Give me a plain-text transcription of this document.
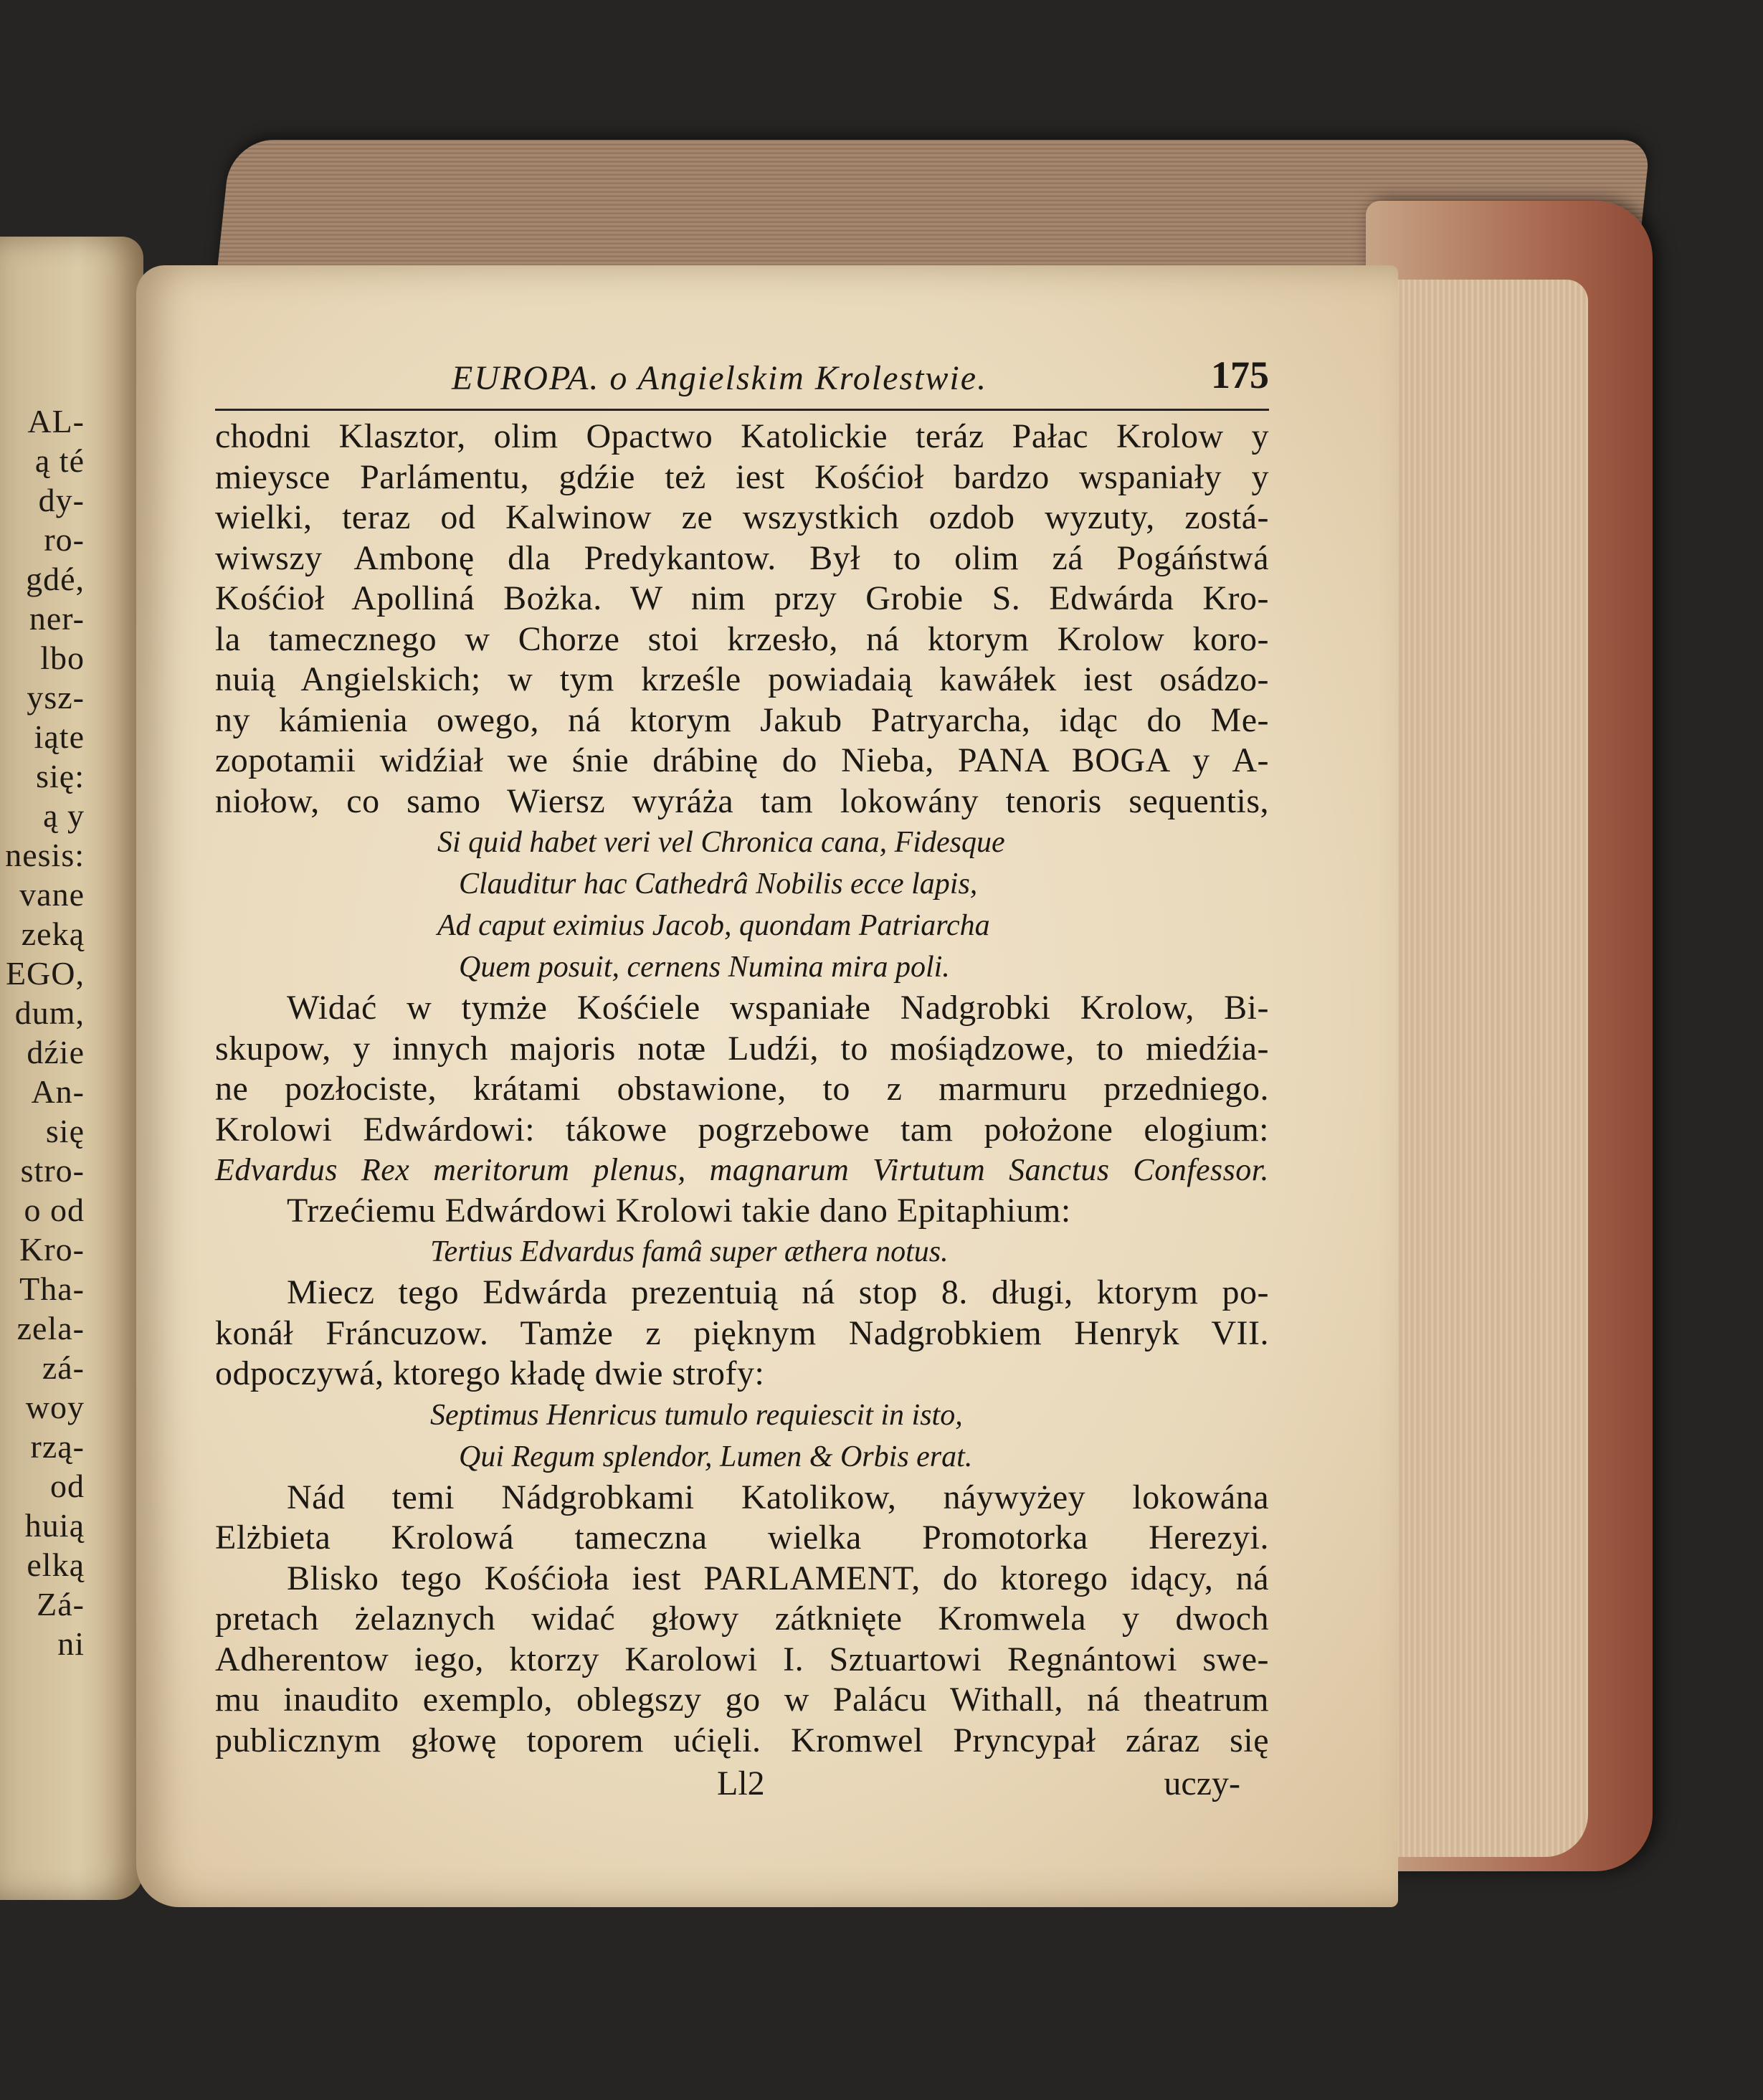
AL-
ą té
dy-
ro-
gdé,
ner-
lbo
ysz-
iąte
się:
ą y
nesis:
vane
zeką
EGO,
dum,
dźie
An-
się
stro-
o od
Kro-
Tha-
zela-
zá-
woy
rzą-
od
huią
elką
Zá-
ni
EUROPA. o Angielskim Krolestwie.	175
chodni Klasztor, olim Opactwo Katolickie teráz Pałac Krolow y
mieysce Parlámentu, gdźie też iest Kośćioł bardzo wspaniały y
wielki, teraz od Kalwinow ze wszystkich ozdob wyzuty, zostá-
wiwszy Ambonę dla Predykantow. Był to olim zá Pogáństwá
Kośćioł Apolliná Bożka. W nim przy Grobie S. Edwárda Kro-
la tamecznego w Chorze stoi krzesło, ná ktorym Krolow koro-
nuią Angielskich; w tym krześle powiadaią kawáłek iest osádzo-
ny kámienia owego, ná ktorym Jakub Patryarcha, idąc do Me-
zopotamii widźiał we śnie drábinę do Nieba, PANA BOGA y A-
niołow, co samo Wiersz wyráża tam lokowány tenoris sequentis,
Si quid habet veri vel Chronica cana, Fidesque
Clauditur hac Cathedrâ Nobilis ecce lapis,
Ad caput eximius Jacob, quondam Patriarcha
Quem posuit, cernens Numina mira poli.
Widać w tymże Kośćiele wspaniałe Nadgrobki Krolow, Bi-
skupow, y innych majoris notæ Ludźi, to mośiądzowe, to miedźia-
ne pozłociste, krátami obstawione, to z marmuru przedniego.
Krolowi Edwárdowi: tákowe pogrzebowe tam położone elogium:
Edvardus Rex meritorum plenus, magnarum Virtutum Sanctus Confessor.
Trzećiemu Edwárdowi Krolowi takie dano Epitaphium:
Tertius Edvardus famâ super æthera notus.
Miecz tego Edwárda prezentuią ná stop 8. długi, ktorym po-
konáł Fráncuzow. Tamże z pięknym Nadgrobkiem Henryk VII.
odpoczywá, ktorego kładę dwie strofy:
Septimus Henricus tumulo requiescit in isto,
Qui Regum splendor, Lumen & Orbis erat.
Nád temi Nádgrobkami Katolikow, náywyżey lokowána
Elżbieta Krolowá tameczna wielka Promotorka Herezyi.
Blisko tego Kośćioła iest PARLAMENT, do ktorego idący, ná
pretach żelaznych widać głowy zátknięte Kromwela y dwoch
Adherentow iego, ktorzy Karolowi I. Sztuartowi Regnántowi swe-
mu inaudito exemplo, oblegszy go w Palácu Withall, ná theatrum
publicznym głowę toporem ućięli. Kromwel Pryncypał záraz się
Ll2	uczy-
